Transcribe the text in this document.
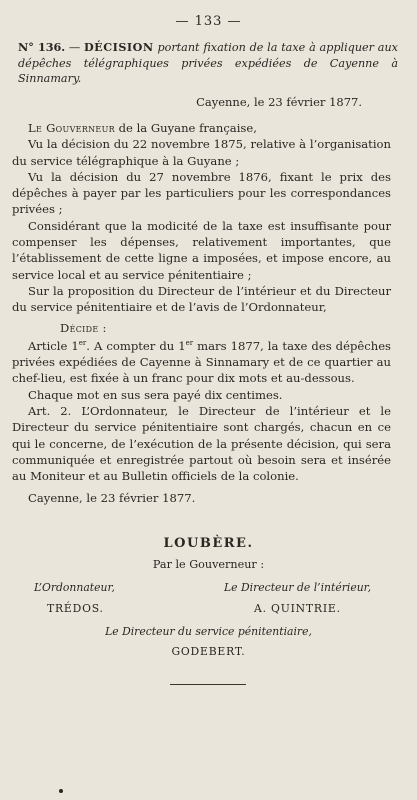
— 133 —
N° 136. — DÉCISION portant fixation de la taxe à appliquer aux dépêches télégraphiques privées expédiées de Cayenne à Sinnamary.
Cayenne, le 23 février 1877.

Le Gouverneur de la Guyane française,

Vu la décision du 22 novembre 1875, relative à l’organisation du service télégraphique à la Guyane ;

Vu la décision du 27 novembre 1876, fixant le prix des dépêches à payer par les particuliers pour les correspondances privées ;

Considérant que la modicité de la taxe est insuffisante pour compenser les dépenses, relativement importantes, que l’établissement de cette ligne a imposées, et impose encore, au service local et au service pénitentiaire ;

Sur la proposition du Directeur de l’intérieur et du Directeur du service pénitentiaire et de l’avis de l’Ordonnateur,

Décide :

Article 1er. A compter du 1er mars 1877, la taxe des dépêches privées expédiées de Cayenne à Sinnamary et de ce quartier au chef-lieu, est fixée à un franc pour dix mots et au-dessous.

Chaque mot en sus sera payé dix centimes.

Art. 2. L’Ordonnateur, le Directeur de l’intérieur et le Directeur du service pénitentiaire sont chargés, chacun en ce qui le concerne, de l’exécution de la présente décision, qui sera communiquée et enregistrée partout où besoin sera et insérée au Moniteur et au Bulletin officiels de la colonie.

Cayenne, le 23 février 1877.

LOUBÈRE.
Par le Gouverneur :
L’Ordonnateur,	Le Directeur de l’intérieur,
TRÉDOS.	A. QUINTRIE.
Le Directeur du service pénitentiaire,
GODEBERT.
